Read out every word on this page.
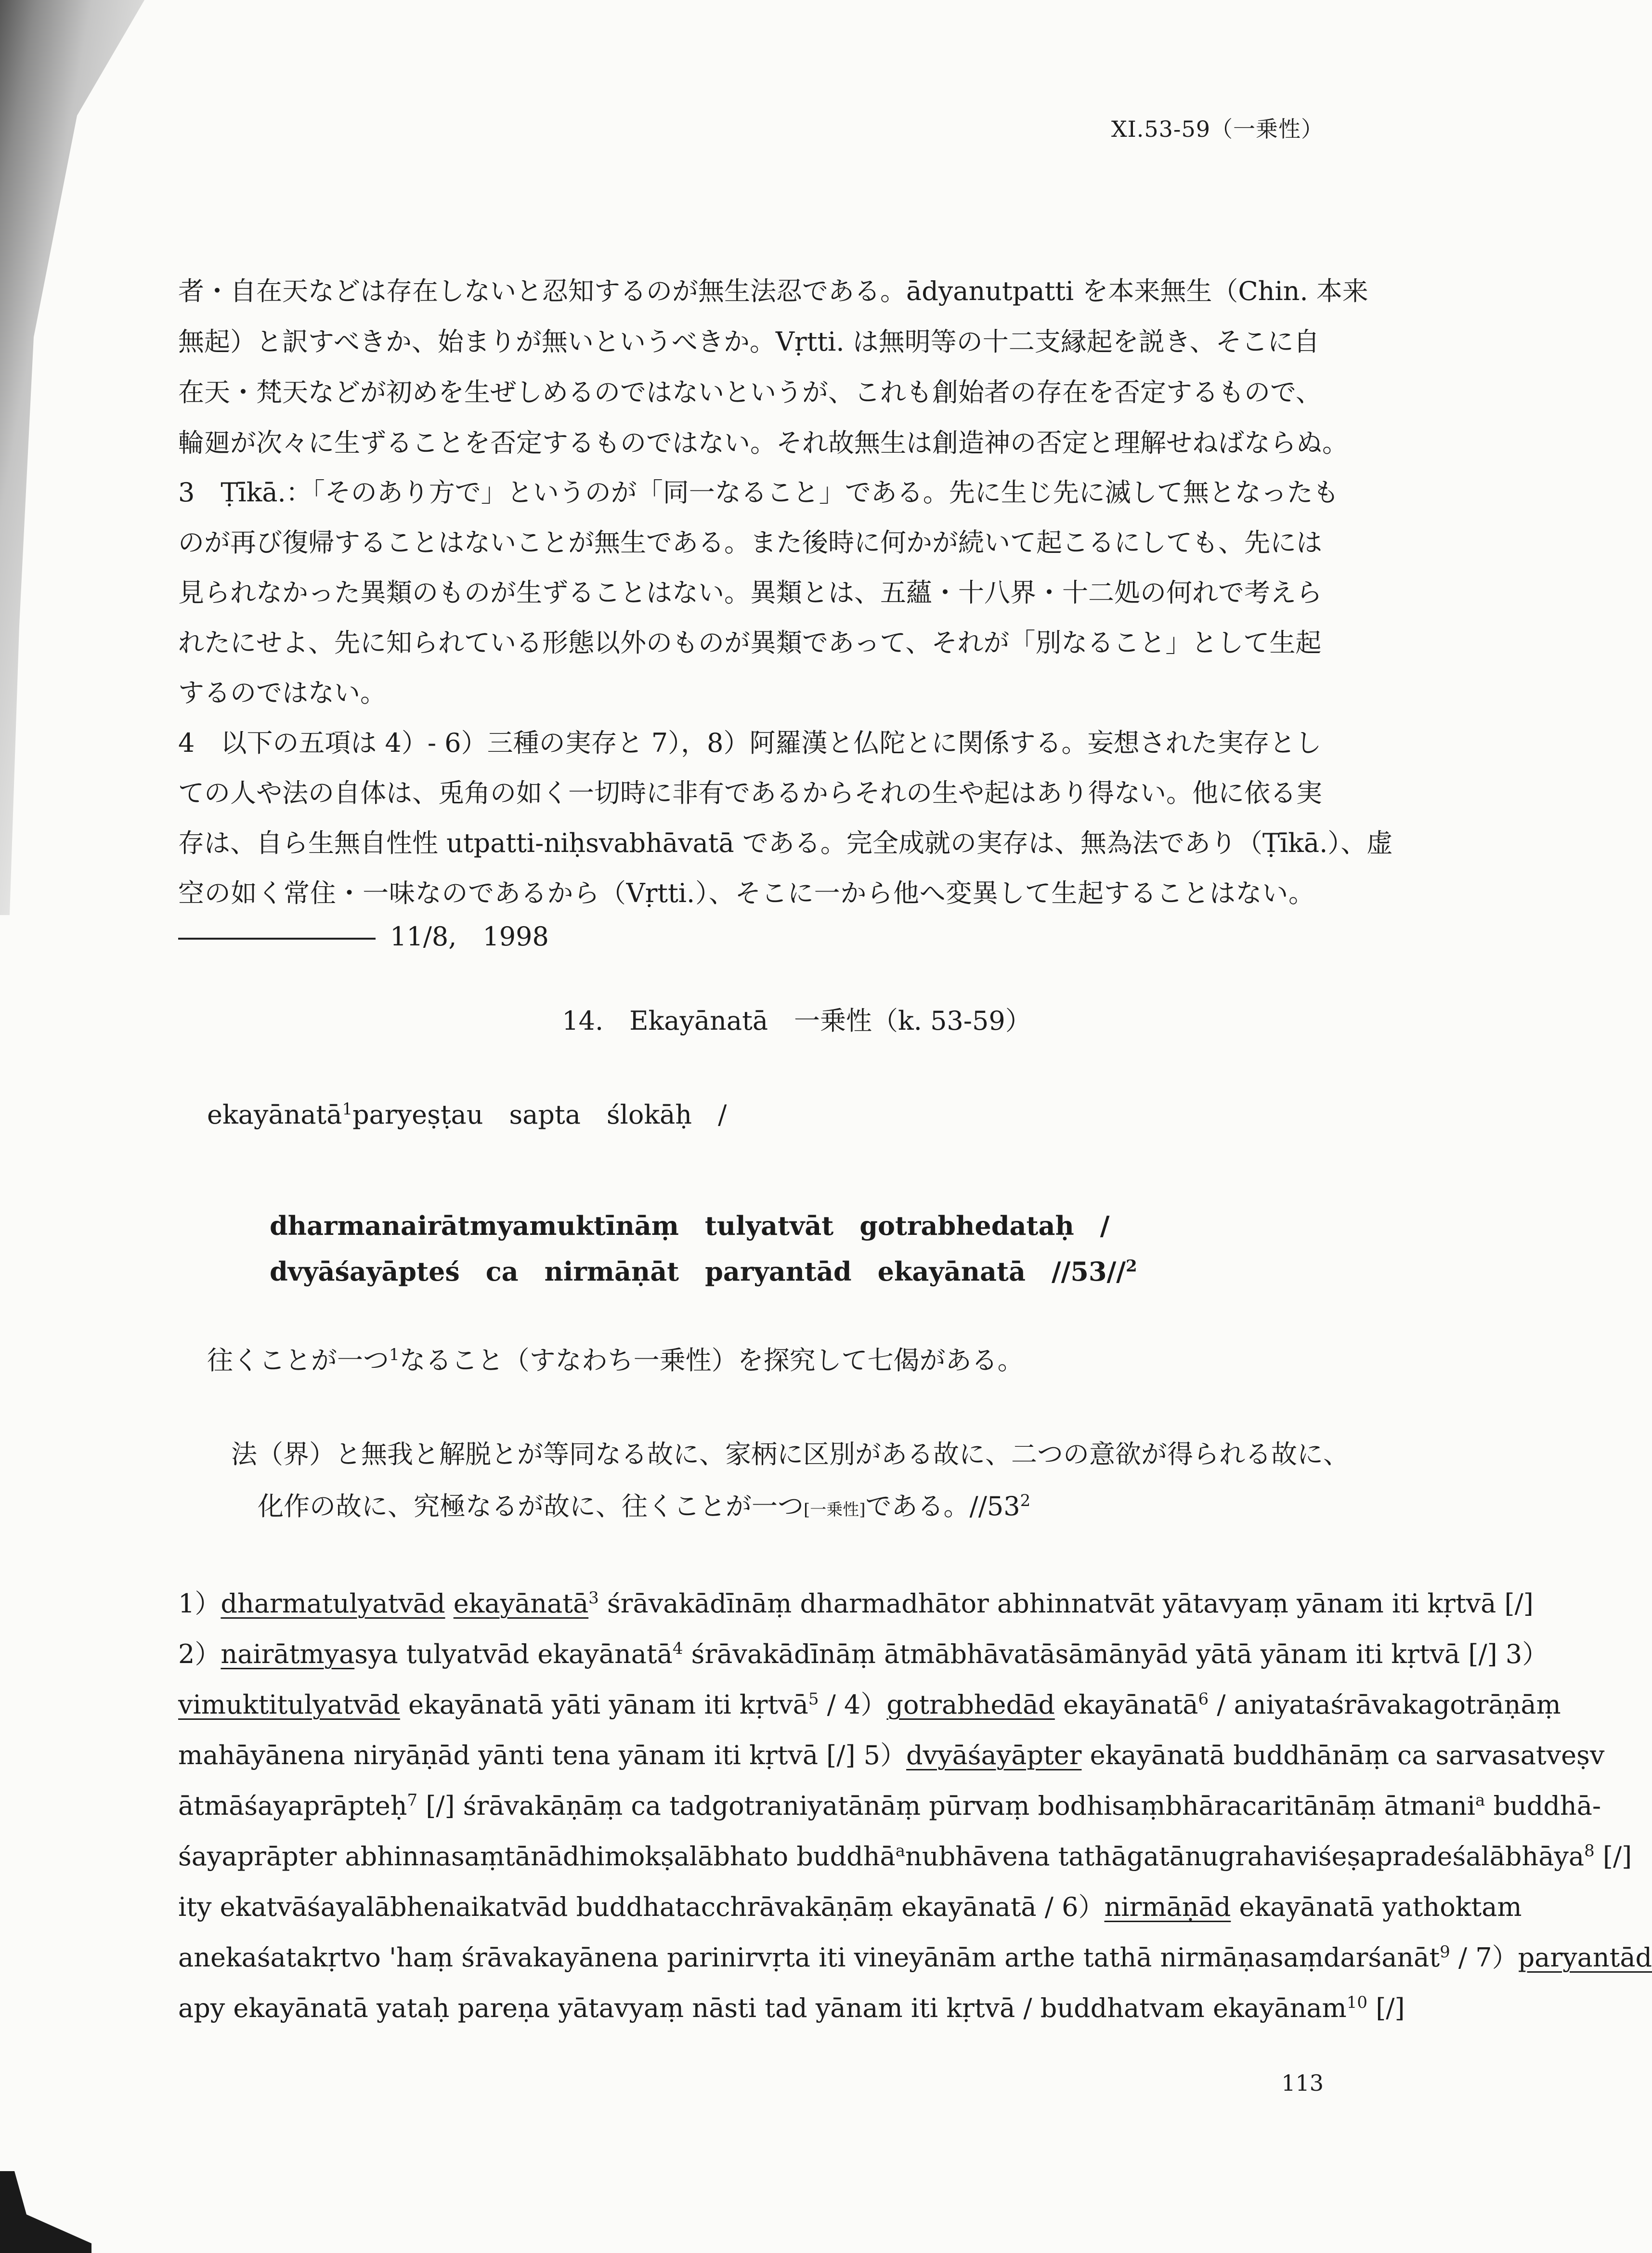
XI.53-59（一乗性）
者・自在天などは存在しないと忍知するのが無生法忍である。ādyanutpatti を本来無生（Chin. 本来
無起）と訳すべきか、始まりが無いというべきか。Vṛtti. は無明等の十二支縁起を説き、そこに自
在天・梵天などが初めを生ぜしめるのではないというが、これも創始者の存在を否定するもので、
輪廻が次々に生ずることを否定するものではない。それ故無生は創造神の否定と理解せねばならぬ。
3　Ṭīkā.：「そのあり方で」というのが「同一なること」である。先に生じ先に滅して無となったも
のが再び復帰することはないことが無生である。また後時に何かが続いて起こるにしても、先には
見られなかった異類のものが生ずることはない。異類とは、五蘊・十八界・十二処の何れで考えら
れたにせよ、先に知られている形態以外のものが異類であって、それが「別なること」として生起
するのではない。
4　以下の五項は 4）- 6）三種の実存と 7），8）阿羅漢と仏陀とに関係する。妄想された実存とし
ての人や法の自体は、兎角の如く一切時に非有であるからそれの生や起はあり得ない。他に依る実
存は、自ら生無自性性 utpatti-niḥsvabhāvatā である。完全成就の実存は、無為法であり（Ṭīkā.）、虚
空の如く常住・一味なのであるから（Vṛtti.）、そこに一から他へ変異して生起することはない。
11/8,　1998
14.　Ekayānatā　一乗性（k. 53-59）
ekayānatā$^1$paryeṣṭau　sapta　ślokāḥ　/
dharmanairātmyamuktīnāṃ　tulyatvāt　gotrabhedataḥ　/
dvyāśayāpteś　ca　nirmāṇāt　paryantād　ekayānatā　//53//$^2$
往くことが一つ$^1$なること（すなわち一乗性）を探究して七偈がある。
法（界）と無我と解脱とが等同なる故に、家柄に区別がある故に、二つの意欲が得られる故に、
化作の故に、究極なるが故に、往くことが一つ[一乗性]である。$//53^2$
1）dharmatulyatvād ekayānatā$^3$ śrāvakādīnāṃ dharmadhātor abhinnatvāt yātavyaṃ yānam iti kṛtvā [/]
2）nairātmyasya tulyatvād ekayānatā$^4$ śrāvakādīnāṃ ātmābhāvatāsāmānyād yātā yānam iti kṛtvā [/] 3）
vimuktitulyatvād ekayānatā yāti yānam iti kṛtvā$^5$ / 4）gotrabhedād ekayānatā$^6$ / aniyataśrāvakagotrāṇāṃ
mahāyānena niryāṇād yānti tena yānam iti kṛtvā [/] 5）dvyāśayāpter ekayānatā buddhānāṃ ca sarvasatveṣv
ātmāśayaprāpteḥ$^7$ [/] śrāvakāṇāṃ ca tadgotraniyatānāṃ pūrvaṃ bodhisaṃbhāracaritānāṃ ātmani$^a$ buddhā-
śayaprāpter abhinnasaṃtānādhimokṣalābhato buddhā$^a$nubhāvena tathāgatānugrahaviśeṣapradeśalābhāya$^8$ [/]
ity ekatvāśayalābhenaikatvād buddhatacchrāvakāṇāṃ ekayānatā / 6）nirmāṇād ekayānatā yathoktam
anekaśatakṛtvo 'haṃ śrāvakayānena parinirvṛta iti vineyānām arthe tathā nirmāṇasaṃdarśanāt$^9$ / 7）paryantād
apy ekayānatā yataḥ pareṇa yātavyaṃ nāsti tad yānam iti kṛtvā / buddhatvam ekayānam$^{10}$ [/]
113
